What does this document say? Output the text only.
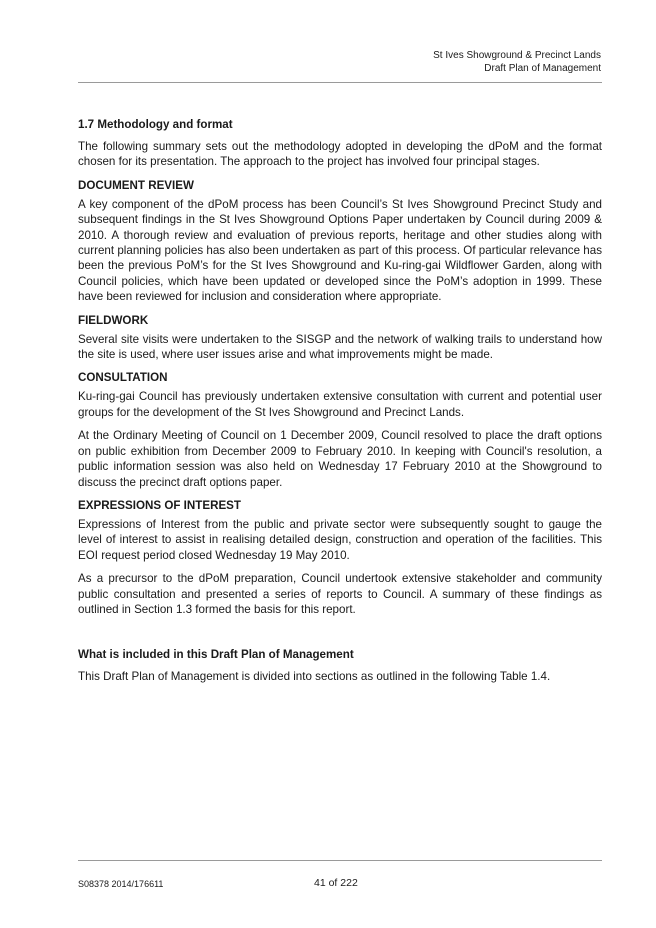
St Ives Showground & Precinct Lands
Draft Plan of Management
1.7 Methodology and format

The following summary sets out the methodology adopted in developing the dPoM and the format chosen for its presentation. The approach to the project has involved four principal stages.

DOCUMENT REVIEW

A key component of the dPoM process has been Council’s St Ives Showground Precinct Study and subsequent findings in the St Ives Showground Options Paper undertaken by Council during 2009 & 2010. A thorough review and evaluation of previous reports, heritage and other studies along with current planning policies has also been undertaken as part of this process. Of particular relevance has been the previous PoM’s for the St Ives Showground and Ku-ring-gai Wildflower Garden, along with Council policies, which have been updated or developed since the PoM’s adoption in 1999. These have been reviewed for inclusion and consideration where appropriate.

FIELDWORK

Several site visits were undertaken to the SISGP and the network of walking trails to understand how the site is used, where user issues arise and what improvements might be made.

CONSULTATION

Ku-ring-gai Council has previously undertaken extensive consultation with current and potential user groups for the development of the St Ives Showground and Precinct Lands.

At the Ordinary Meeting of Council on 1 December 2009, Council resolved to place the draft options on public exhibition from December 2009 to February 2010. In keeping with Council's resolution, a public information session was also held on Wednesday 17 February 2010 at the Showground to discuss the precinct draft options paper.

EXPRESSIONS OF INTEREST

Expressions of Interest from the public and private sector were subsequently sought to gauge the level of interest to assist in realising detailed design, construction and operation of the facilities. This EOI request period closed Wednesday 19 May 2010.

As a precursor to the dPoM preparation, Council undertook extensive stakeholder and community public consultation and presented a series of reports to Council. A summary of these findings as outlined in Section 1.3 formed the basis for this report.

What is included in this Draft Plan of Management

This Draft Plan of Management is divided into sections as outlined in the following Table 1.4.

S08378 2014/176611	41 of 222
